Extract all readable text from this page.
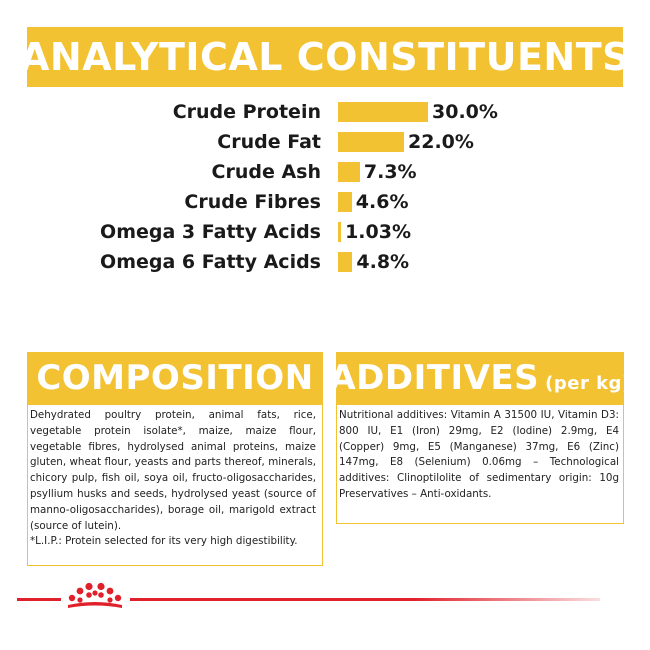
ANALYTICAL CONSTITUENTS
Crude Protein	30.0%
Crude Fat	22.0%
Crude Ash 7.3%
Crude Fibres 4.6%
Omega 3 Fatty Acids 1.03%
Omega 6 Fatty Acids 4.8%
COMPOSITION

Dehydrated poultry protein, animal fats, rice, vegetable protein isolate*, maize, maize flour, vegetable fibres, hydrolysed animal proteins, maize gluten, wheat flour, yeasts and parts thereof, minerals, chicory pulp, fish oil, soya oil, fructo-oligosaccharides, psyllium husks and seeds, hydrolysed yeast (source of manno-oligosaccharides), borage oil, marigold extract (source of lutein).

*L.I.P.: Protein selected for its very high digestibility.

ADDITIVES (per kg)

Nutritional additives: Vitamin A 31500 IU, Vitamin D3: 800 IU, E1 (Iron) 29mg, E2 (Iodine) 2.9mg, E4 (Copper) 9mg, E5 (Manganese) 37mg, E6 (Zinc) 147mg, E8 (Selenium) 0.06mg – Technological additives: Clinoptilolite of sedimentary origin: 10g Preservatives – Anti-oxidants.
